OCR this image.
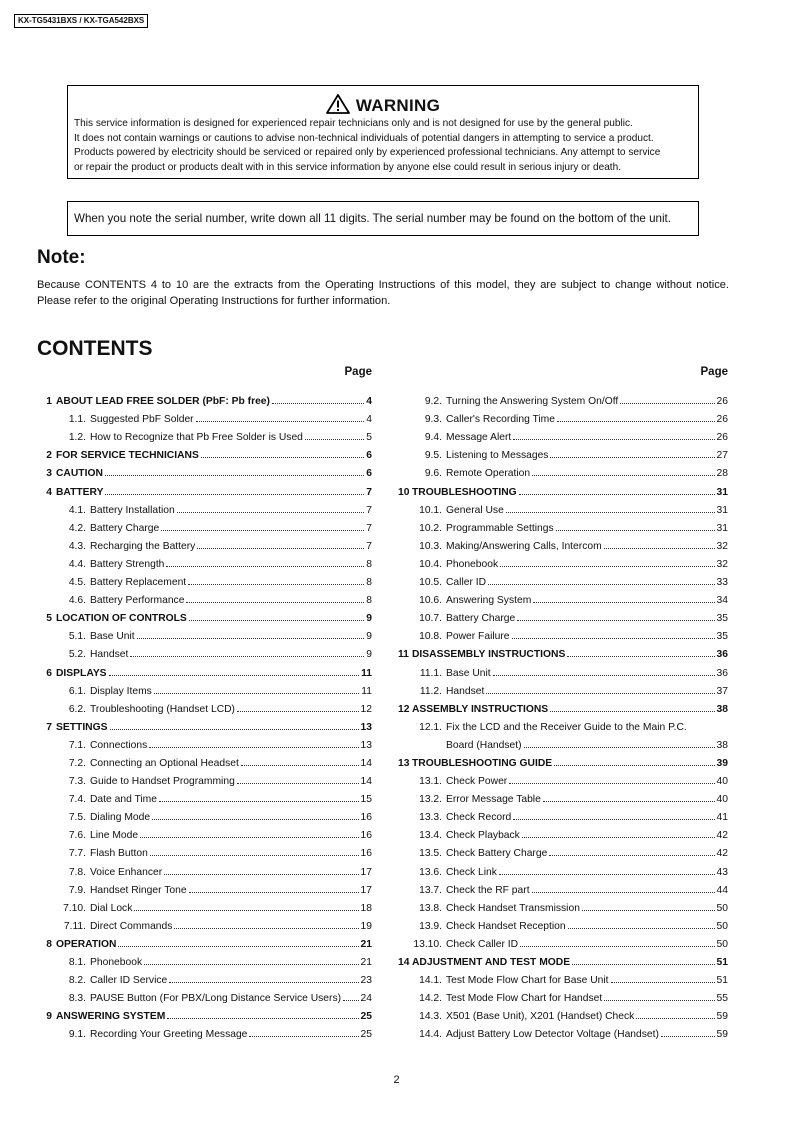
KX-TG5431BXS / KX-TGA542BXS
WARNING
This service information is designed for experienced repair technicians only and is not designed for use by the general public.
It does not contain warnings or cautions to advise non-technical individuals of potential dangers in attempting to service a product.
Products powered by electricity should be serviced or repaired only by experienced professional technicians. Any attempt to service
or repair the product or products dealt with in this service information by anyone else could result in serious injury or death.
When you note the serial number, write down all 11 digits. The serial number may be found on the bottom of the unit.
Note:
Because CONTENTS 4 to 10 are the extracts from the Operating Instructions of this model, they are subject to change without notice. Please refer to the original Operating Instructions for further information.
CONTENTS
Page
1 ABOUT LEAD FREE SOLDER (PbF: Pb free)	4
1.1. Suggested PbF Solder	4
1.2. How to Recognize that Pb Free Solder is Used	5
2 FOR SERVICE TECHNICIANS	6
3 CAUTION	6
4 BATTERY	7
4.1. Battery Installation	7
4.2. Battery Charge	7
4.3. Recharging the Battery	7
4.4. Battery Strength	8
4.5. Battery Replacement	8
4.6. Battery Performance	8
5 LOCATION OF CONTROLS	9
5.1. Base Unit	9
5.2. Handset	9
6 DISPLAYS	11
6.1. Display Items	11
6.2. Troubleshooting (Handset LCD)	12
7 SETTINGS	13
7.1. Connections	13
7.2. Connecting an Optional Headset	14
7.3. Guide to Handset Programming	14
7.4. Date and Time	15
7.5. Dialing Mode	16
7.6. Line Mode	16
7.7. Flash Button	16
7.8. Voice Enhancer	17
7.9. Handset Ringer Tone	17
7.10. Dial Lock	18
7.11. Direct Commands	19
8 OPERATION	21
8.1. Phonebook	21
8.2. Caller ID Service	23
8.3. PAUSE Button (For PBX/Long Distance Service Users) 24
9 ANSWERING SYSTEM	25
9.1. Recording Your Greeting Message	25
Page
9.2. Turning the Answering System On/Off	26
9.3. Caller's Recording Time	26
9.4. Message Alert	26
9.5. Listening to Messages	27
9.6. Remote Operation	28
10 TROUBLESHOOTING	31
10.1. General Use	31
10.2. Programmable Settings	31
10.3. Making/Answering Calls, Intercom	32
10.4. Phonebook	32
10.5. Caller ID	33
10.6. Answering System	34
10.7. Battery Charge	35
10.8. Power Failure	35
11 DISASSEMBLY INSTRUCTIONS	36
11.1. Base Unit	36
11.2. Handset	37
12 ASSEMBLY INSTRUCTIONS	38
12.1. Fix the LCD and the Receiver Guide to the Main P.C.
Board (Handset)	38
13 TROUBLESHOOTING GUIDE	39
13.1. Check Power	40
13.2. Error Message Table	40
13.3. Check Record	41
13.4. Check Playback	42
13.5. Check Battery Charge	42
13.6. Check Link	43
13.7. Check the RF part	44
13.8. Check Handset Transmission	50
13.9. Check Handset Reception	50
13.10. Check Caller ID	50
14 ADJUSTMENT AND TEST MODE	51
14.1. Test Mode Flow Chart for Base Unit	51
14.2. Test Mode Flow Chart for Handset	55
14.3. X501 (Base Unit), X201 (Handset) Check	59
14.4. Adjust Battery Low Detector Voltage (Handset)	59
2
